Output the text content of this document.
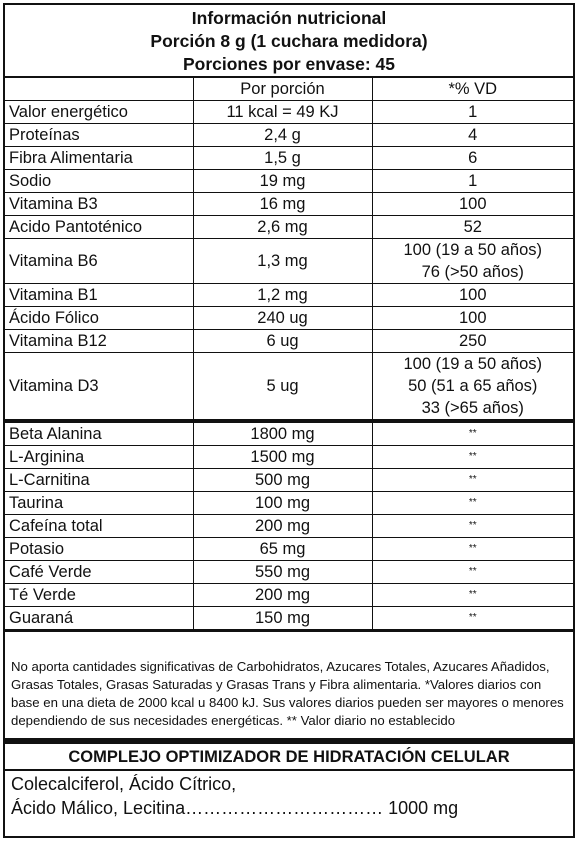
Información nutricional
Porción 8 g (1 cuchara medidora)
Porciones por envase: 45
	Por porción	*% VD
Valor energético	11 kcal = 49 KJ	1

Proteínas	2,4 g	4

Fibra Alimentaria	1,5 g	6

Sodio	19 mg	1

Vitamina B3	16 mg	100

Acido Pantoténico	2,6 mg	52

Vitamina B6	1,3 mg	100 (19 a 50 años)
76 (>50 años)

Vitamina B1	1,2 mg	100

Ácido Fólico	240 ug	100

Vitamina B12	6 ug	250

Vitamina D3	5 ug	100 (19 a 50 años)
50 (51 a 65 años)
33 (>65 años)

Beta Alanina	1800 mg	**
L-Arginina	1500 mg	**
L-Carnitina	500 mg	**
Taurina	100 mg	**
Cafeína total	200 mg	**
Potasio	65 mg	**
Café Verde	550 mg	**
Té Verde	200 mg	**
Guaraná	150 mg	**
No aporta cantidades significativas de Carbohidratos, Azucares Totales, Azucares Añadidos, Grasas Totales, Grasas Saturadas y Grasas Trans y Fibra alimentaria. *Valores diarios con base en una dieta de 2000 kcal u 8400 kJ. Sus valores diarios pueden ser mayores o menores dependiendo de sus necesidades energéticas. ** Valor diario no establecido
COMPLEJO OPTIMIZADOR DE HIDRATACIÓN CELULAR
Colecalciferol, Ácido Cítrico,
Ácido Málico, Lecitina…………………………… 1000 mg
